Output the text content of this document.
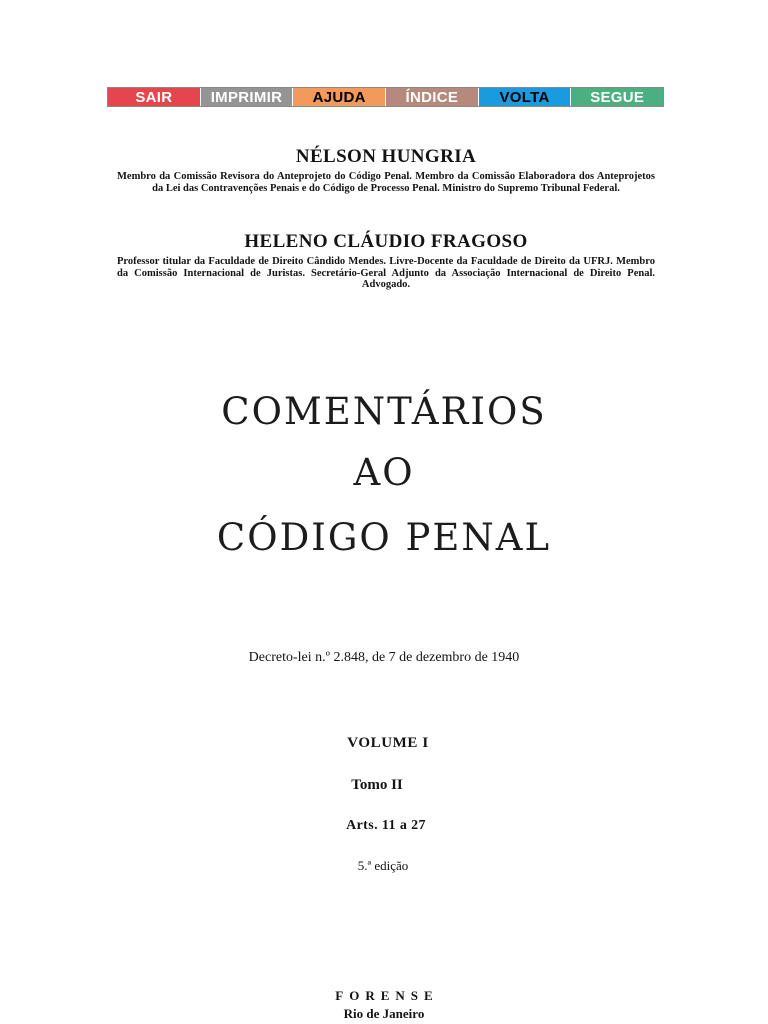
SAIR	IMPRIMIR	AJUDA	ÍNDICE	VOLTA	SEGUE

NÉLSON HUNGRIA

Membro da Comissão Revisora do Anteprojeto do Código Penal. Membro da Comissão Elaboradora dos Anteprojetos da Lei das Contravenções Penais e do Código de Processo Penal. Ministro do Supremo Tribunal Federal.

HELENO CLÁUDIO FRAGOSO

Professor titular da Faculdade de Direito Cândido Mendes. Livre-Docente da Faculdade de Direito da UFRJ. Membro da Comissão Internacional de Juristas. Secretário-Geral Adjunto da Associação Internacional de Direito Penal. Advogado.

COMENTÁRIOS

AO

CÓDIGO PENAL

Decreto-lei n.º 2.848, de 7 de dezembro de 1940

VOLUME I

Tomo II

Arts. 11 a 27

5.ª edição

FORENSE

Rio de Janeiro
